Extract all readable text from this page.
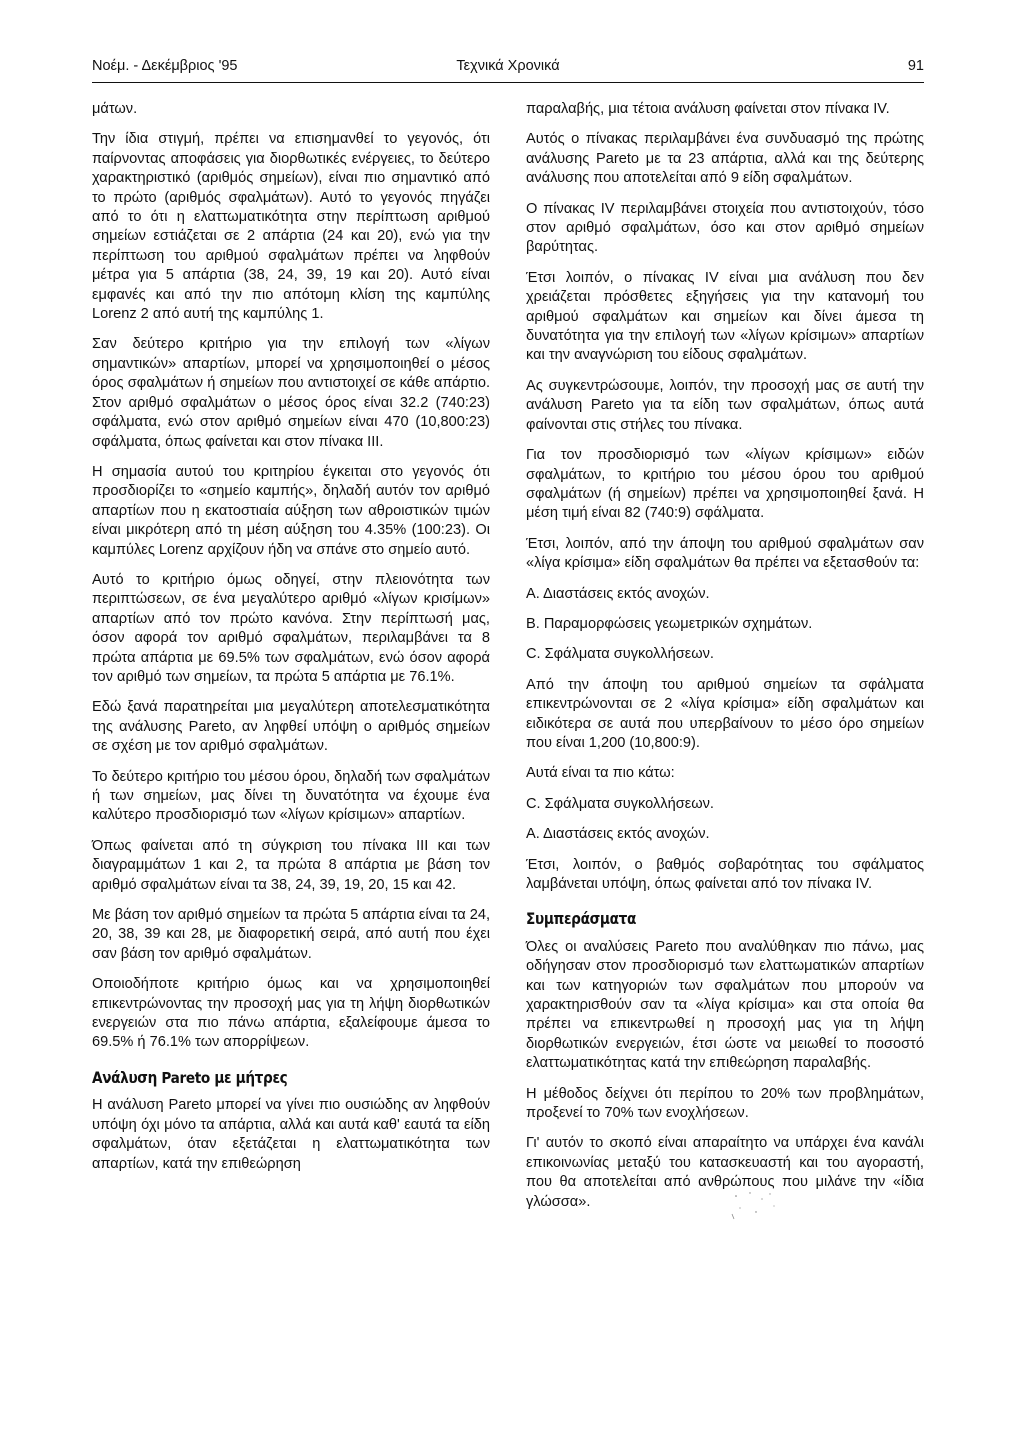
Τεχνικά Χρονικά
Νοέμ. - Δεκέμβριος '95	91

μάτων.

Την ίδια στιγμή, πρέπει να επισημανθεί το γεγονός, ότι παίρνοντας αποφάσεις για διορθωτικές ενέργειες, το δεύτερο χαρακτηριστικό (αριθμός σημείων), είναι πιο σημαντικό από το πρώτο (αριθμός σφαλμάτων). Αυτό το γεγονός πηγάζει από το ότι η ελαττωματικότητα στην περίπτωση αριθμού σημείων εστιάζεται σε 2 απάρτια (24 και 20), ενώ για την περίπτωση του αριθμού σφαλμάτων πρέπει να ληφθούν μέτρα για 5 απάρτια (38, 24, 39, 19 και 20). Αυτό είναι εμφανές και από την πιο απότομη κλίση της καμπύλης Lorenz 2 από αυτή της καμπύλης 1.

Σαν δεύτερο κριτήριο για την επιλογή των «λίγων σημαντικών» απαρτίων, μπορεί να χρησιμοποιηθεί ο μέσος όρος σφαλμάτων ή σημείων που αντιστοιχεί σε κάθε απάρτιο. Στον αριθμό σφαλμάτων ο μέσος όρος είναι 32.2 (740:23) σφάλματα, ενώ στον αριθμό σημείων είναι 470 (10,800:23) σφάλματα, όπως φαίνεται και στον πίνακα ΙΙΙ.

Η σημασία αυτού του κριτηρίου έγκειται στο γεγονός ότι προσδιορίζει το «σημείο καμπής», δηλαδή αυτόν τον αριθμό απαρτίων που η εκατοστιαία αύξηση των αθροιστικών τιμών είναι μικρότερη από τη μέση αύξηση του 4.35% (100:23). Οι καμπύλες Lorenz αρχίζουν ήδη να σπάνε στο σημείο αυτό.

Αυτό το κριτήριο όμως οδηγεί, στην πλειονότητα των περιπτώσεων, σε ένα μεγαλύτερο αριθμό «λίγων κρισίμων» απαρτίων από τον πρώτο κανόνα. Στην περίπτωσή μας, όσον αφορά τον αριθμό σφαλμάτων, περιλαμβάνει τα 8 πρώτα απάρτια με 69.5% των σφαλμάτων, ενώ όσον αφορά τον αριθμό των σημείων, τα πρώτα 5 απάρτια με 76.1%.

Εδώ ξανά παρατηρείται μια μεγαλύτερη αποτελεσματικότητα της ανάλυσης Pareto, αν ληφθεί υπόψη ο αριθμός σημείων σε σχέση με τον αριθμό σφαλμάτων.

Το δεύτερο κριτήριο του μέσου όρου, δηλαδή των σφαλμάτων ή των σημείων, μας δίνει τη δυνατότητα να έχουμε ένα καλύτερο προσδιορισμό των «λίγων κρίσιμων» απαρτίων.

Όπως φαίνεται από τη σύγκριση του πίνακα ΙΙΙ και των διαγραμμάτων 1 και 2, τα πρώτα 8 απάρτια με βάση τον αριθμό σφαλμάτων είναι τα 38, 24, 39, 19, 20, 15 και 42.

Με βάση τον αριθμό σημείων τα πρώτα 5 απάρτια είναι τα 24, 20, 38, 39 και 28, με διαφορετική σειρά, από αυτή που έχει σαν βάση τον αριθμό σφαλμάτων.

Οποιοδήποτε κριτήριο όμως και να χρησιμοποιηθεί επικεντρώνοντας την προσοχή μας για τη λήψη διορθωτικών ενεργειών στα πιο πάνω απάρτια, εξαλείφουμε άμεσα το 69.5% ή 76.1% των απορρίψεων.

Ανάλυση Pareto με μήτρες

Η ανάλυση Pareto μπορεί να γίνει πιο ουσιώδης αν ληφθούν υπόψη όχι μόνο τα απάρτια, αλλά και αυτά καθ' εαυτά τα είδη σφαλμάτων, όταν εξετάζεται η ελαττωματικότητα των απαρτίων, κατά την επιθεώρηση

παραλαβής, μια τέτοια ανάλυση φαίνεται στον πίνακα IV.

Αυτός ο πίνακας περιλαμβάνει ένα συνδυασμό της πρώτης ανάλυσης Pareto με τα 23 απάρτια, αλλά και της δεύτερης ανάλυσης που αποτελείται από 9 είδη σφαλμάτων.

Ο πίνακας IV περιλαμβάνει στοιχεία που αντιστοιχούν, τόσο στον αριθμό σφαλμάτων, όσο και στον αριθμό σημείων βαρύτητας.

Έτσι λοιπόν, ο πίνακας IV είναι μια ανάλυση που δεν χρειάζεται πρόσθετες εξηγήσεις για την κατανομή του αριθμού σφαλμάτων και σημείων και δίνει άμεσα τη δυνατότητα για την επιλογή των «λίγων κρίσιμων» απαρτίων και την αναγνώριση του είδους σφαλμάτων.

Ας συγκεντρώσουμε, λοιπόν, την προσοχή μας σε αυτή την ανάλυση Pareto για τα είδη των σφαλμάτων, όπως αυτά φαίνονται στις στήλες του πίνακα.

Για τον προσδιορισμό των «λίγων κρίσιμων» ειδών σφαλμάτων, το κριτήριο του μέσου όρου του αριθμού σφαλμάτων (ή σημείων) πρέπει να χρησιμοποιηθεί ξανά. Η μέση τιμή είναι 82 (740:9) σφάλματα.

Έτσι, λοιπόν, από την άποψη του αριθμού σφαλμάτων σαν «λίγα κρίσιμα» είδη σφαλμάτων θα πρέπει να εξετασθούν τα:

Α. Διαστάσεις εκτός ανοχών.

Β. Παραμορφώσεις γεωμετρικών σχημάτων.

C. Σφάλματα συγκολλήσεων.

Από την άποψη του αριθμού σημείων τα σφάλματα επικεντρώνονται σε 2 «λίγα κρίσιμα» είδη σφαλμάτων και ειδικότερα σε αυτά που υπερβαίνουν το μέσο όρο σημείων που είναι 1,200 (10,800:9).

Αυτά είναι τα πιο κάτω:

C. Σφάλματα συγκολλήσεων.

Α. Διαστάσεις εκτός ανοχών.

Έτσι, λοιπόν, ο βαθμός σοβαρότητας του σφάλματος λαμβάνεται υπόψη, όπως φαίνεται από τον πίνακα IV.

Συμπεράσματα

Όλες οι αναλύσεις Pareto που αναλύθηκαν πιο πάνω, μας οδήγησαν στον προσδιορισμό των ελαττωματικών απαρτίων και των κατηγοριών των σφαλμάτων που μπορούν να χαρακτηρισθούν σαν τα «λίγα κρίσιμα» και στα οποία θα πρέπει να επικεντρωθεί η προσοχή μας για τη λήψη διορθωτικών ενεργειών, έτσι ώστε να μειωθεί το ποσοστό ελαττωματικότητας κατά την επιθεώρηση παραλαβής.

Η μέθοδος δείχνει ότι περίπου το 20% των προβλημάτων, προξενεί το 70% των ενοχλήσεων.

Γι' αυτόν το σκοπό είναι απαραίτητο να υπάρχει ένα κανάλι επικοινωνίας μεταξύ του κατασκευαστή και του αγοραστή, που θα αποτελείται από ανθρώπους που μιλάνε την «ίδια γλώσσα».
